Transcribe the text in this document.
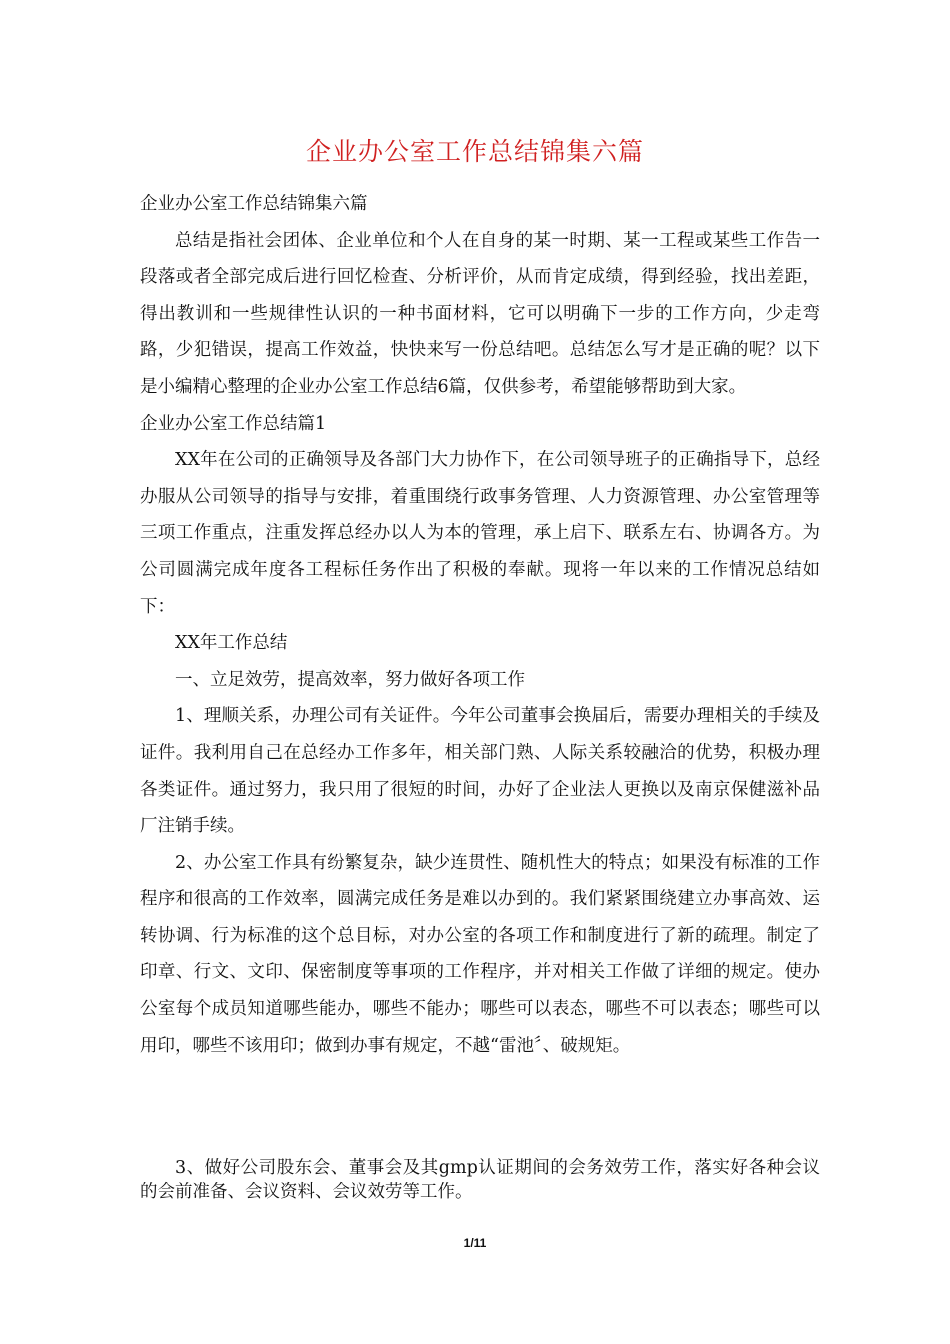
企业办公室工作总结锦集六篇

企业办公室工作总结锦集六篇

总结是指社会团体、企业单位和个人在自身的某一时期、某一工程或某些工作告一段落或者全部完成后进行回忆检查、分析评价，从而肯定成绩，得到经验，找出差距，得出教训和一些规律性认识的一种书面材料，它可以明确下一步的工作方向，少走弯路，少犯错误，提高工作效益，快快来写一份总结吧。总结怎么写才是正确的呢？以下是小编精心整理的企业办公室工作总结6篇，仅供参考，希望能够帮助到大家。

企业办公室工作总结篇1

XX年在公司的正确领导及各部门大力协作下，在公司领导班子的正确指导下，总经办服从公司领导的指导与安排，着重围绕行政事务管理、人力资源管理、办公室管理等三项工作重点，注重发挥总经办以人为本的管理，承上启下、联系左右、协调各方。为公司圆满完成年度各工程标任务作出了积极的奉献。现将一年以来的工作情况总结如下：

XX年工作总结

一、立足效劳，提高效率，努力做好各项工作

1、理顺关系，办理公司有关证件。今年公司董事会换届后，需要办理相关的手续及证件。我利用自己在总经办工作多年，相关部门熟、人际关系较融洽的优势，积极办理各类证件。通过努力，我只用了很短的时间，办好了企业法人更换以及南京保健滋补品厂注销手续。

2、办公室工作具有纷繁复杂，缺少连贯性、随机性大的特点；如果没有标准的工作程序和很高的工作效率，圆满完成任务是难以办到的。我们紧紧围绕建立办事高效、运转协调、行为标准的这个总目标，对办公室的各项工作和制度进行了新的疏理。制定了印章、行文、文印、保密制度等事项的工作程序，并对相关工作做了详细的规定。使办公室每个成员知道哪些能办，哪些不能办；哪些可以表态，哪些不可以表态；哪些可以用印，哪些不该用印；做到办事有规定，不越“雷池〞、破规矩。

3、做好公司股东会、董事会及其gmp认证期间的会务效劳工作，落实好各种会议的会前准备、会议资料、会议效劳等工作。

1/11
